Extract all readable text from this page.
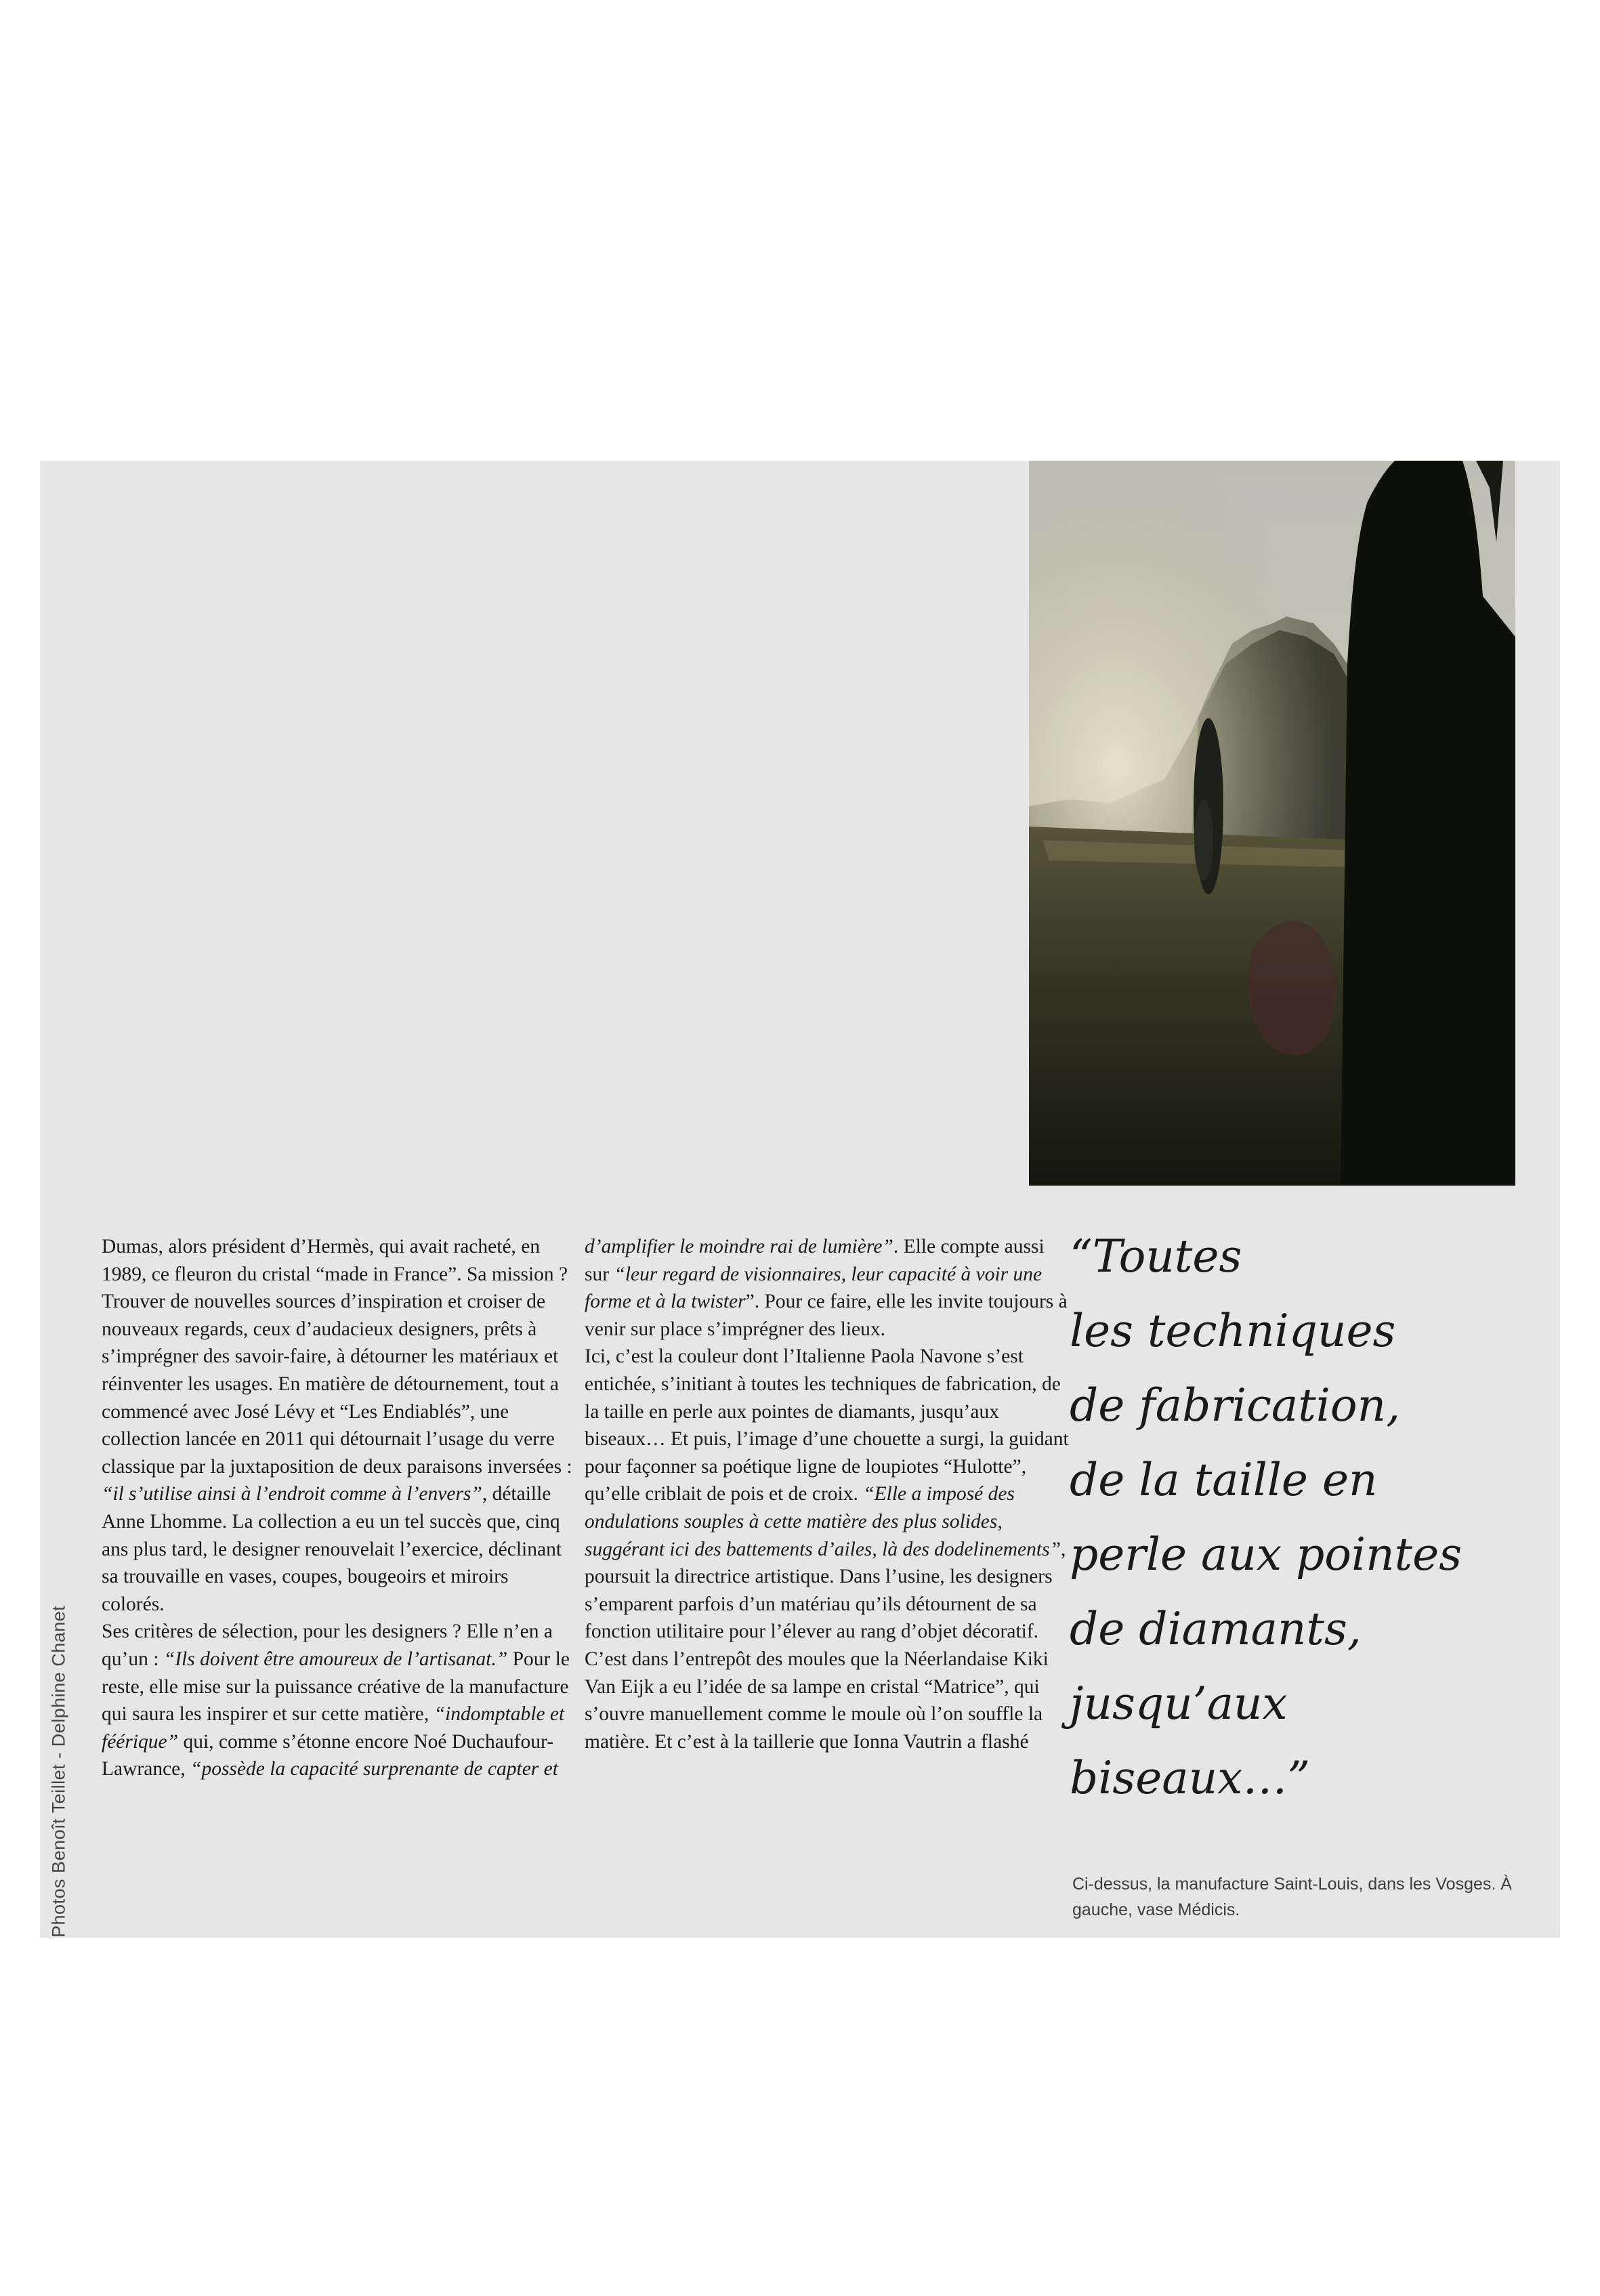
Photos Benoît Teillet - Delphine Chanet

Dumas, alors président d’Hermès, qui avait racheté, en 1989, ce fleuron du cristal “made in France”. Sa mission ? Trouver de nouvelles sources d’inspiration et croiser de nouveaux regards, ceux d’audacieux designers, prêts à s’imprégner des savoir-faire, à détourner les matériaux et réinventer les usages. En matière de détournement, tout a commencé avec José Lévy et “Les Endiablés”, une collection lancée en 2011 qui détournait l’usage du verre classique par la juxtaposition de deux paraisons inversées : “il s’utilise ainsi à l’endroit comme à l’envers”, détaille Anne Lhomme. La collection a eu un tel succès que, cinq ans plus tard, le designer renouvelait l’exercice, déclinant sa trouvaille en vases, coupes, bougeoirs et miroirs colorés.
Ses critères de sélection, pour les designers ? Elle n’en a qu’un : “Ils doivent être amoureux de l’artisanat.” Pour le reste, elle mise sur la puissance créative de la manufacture qui saura les inspirer et sur cette matière, “indomptable et féérique” qui, comme s’étonne encore Noé Duchaufour-Lawrance, “possède la capacité surprenante de capter et

d’amplifier le moindre rai de lumière”. Elle compte aussi sur “leur regard de visionnaires, leur capacité à voir une forme et à la twister”. Pour ce faire, elle les invite toujours à venir sur place s’imprégner des lieux.
Ici, c’est la couleur dont l’Italienne Paola Navone s’est entichée, s’initiant à toutes les techniques de fabrication, de la taille en perle aux pointes de diamants, jusqu’aux biseaux… Et puis, l’image d’une chouette a surgi, la guidant pour façonner sa poétique ligne de loupiotes “Hulotte”, qu’elle criblait de pois et de croix. “Elle a imposé des ondulations souples à cette matière des plus solides, suggérant ici des battements d’ailes, là des dodelinements”, poursuit la directrice artistique. Dans l’usine, les designers s’emparent parfois d’un matériau qu’ils détournent de sa fonction utilitaire pour l’élever au rang d’objet décoratif. C’est dans l’entrepôt des moules que la Néerlandaise Kiki Van Eijk a eu l’idée de sa lampe en cristal “Matrice”, qui s’ouvre manuellement comme le moule où l’on souffle la matière. Et c’est à la taillerie que Ionna Vautrin a flashé

“Toutes
les techniques
de fabrication,
de la taille en
perle aux pointes
de diamants,
jusqu’aux
biseaux…”
Ci-dessus, la manufacture Saint-Louis, dans les Vosges. À gauche, vase Médicis.
